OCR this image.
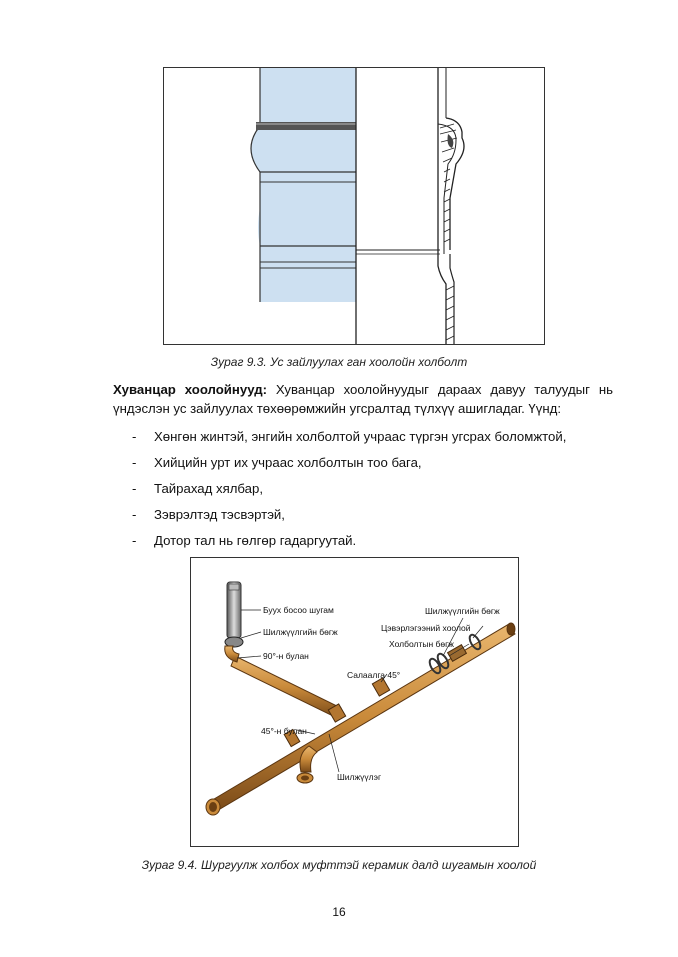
Зураг 9.3. Ус зайлуулах ган хоолойн холболт
Хуванцар хоолойнууд: Хуванцар хоолойнуудыг дараах давуу талуудыг нь үндэслэн ус зайлуулах төхөөрөмжийн угсралтад түлхүү ашигладаг. Үүнд:
- Хөнгөн жинтэй, энгийн холболтой учраас түргэн угсрах боломжтой,
- Хийцийн урт их учраас холболтын тоо бага,
- Тайрахад хялбар,
- Зэврэлтэд тэсвэртэй,
- Дотор тал нь гөлгөр гадаргуутай.
Буух босоо шугам
Шилжүүлгийн бөгж
90°-н булан
Шилжүүлгийн бөгж
Цэвэрлэгээний хоолой
Холболтын бөгж
Салаалга 45°
45°-н булан
Шилжүүлэг
Зураг 9.4. Шургуулж холбох муфттэй керамик далд шугамын хоолой
16
